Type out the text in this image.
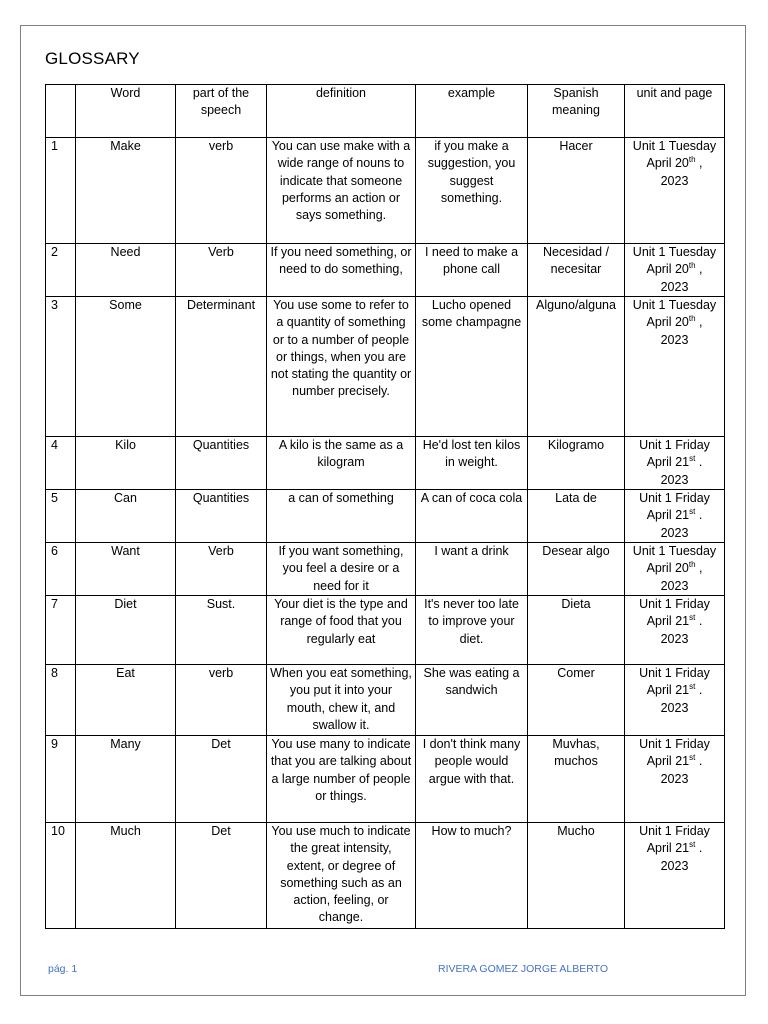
GLOSSARY
	Word	part of the speech	definition	example	Spanish meaning	unit and page
1	Make	verb	You can use make with a wide range of nouns to indicate that someone performs an action or says something.	if you make a suggestion, you suggest something.	Hacer	Unit 1 Tuesday
April 20th ,
2023
2	Need	Verb	If you need something, or need to do something,	I need to make a phone call	Necesidad / necesitar	Unit 1 Tuesday
April 20th ,
2023
3	Some	Determinant	You use some to refer to a quantity of something or to a number of people or things, when you are not stating the quantity or number precisely.	Lucho opened some champagne	Alguno/alguna	Unit 1 Tuesday
April 20th ,
2023
4	Kilo	Quantities	A kilo is the same as a kilogram	He'd lost ten kilos in weight.	Kilogramo	Unit 1 Friday
April 21st .
2023
5	Can	Quantities	a can of something	A can of coca cola	Lata de	Unit 1 Friday
April 21st .
2023
6	Want	Verb	If you want something, you feel a desire or a need for it	I want a drink	Desear algo	Unit 1 Tuesday
April 20th ,
2023
7	Diet	Sust.	Your diet is the type and range of food that you regularly eat	It's never too late to improve your diet.	Dieta	Unit 1 Friday
April 21st .
2023
8	Eat	verb	When you eat something, you put it into your mouth, chew it, and swallow it.	She was eating a sandwich	Comer	Unit 1 Friday
April 21st .
2023
9	Many	Det	You use many to indicate that you are talking about a large number of people or things.	I don't think many people would argue with that.	Muvhas, muchos	Unit 1 Friday
April 21st .
2023
10	Much	Det	You use much to indicate the great intensity, extent, or degree of something such as an action, feeling, or change.	How to much?	Mucho	Unit 1 Friday
April 21st .
2023
pág. 1	RIVERA GOMEZ JORGE ALBERTO
